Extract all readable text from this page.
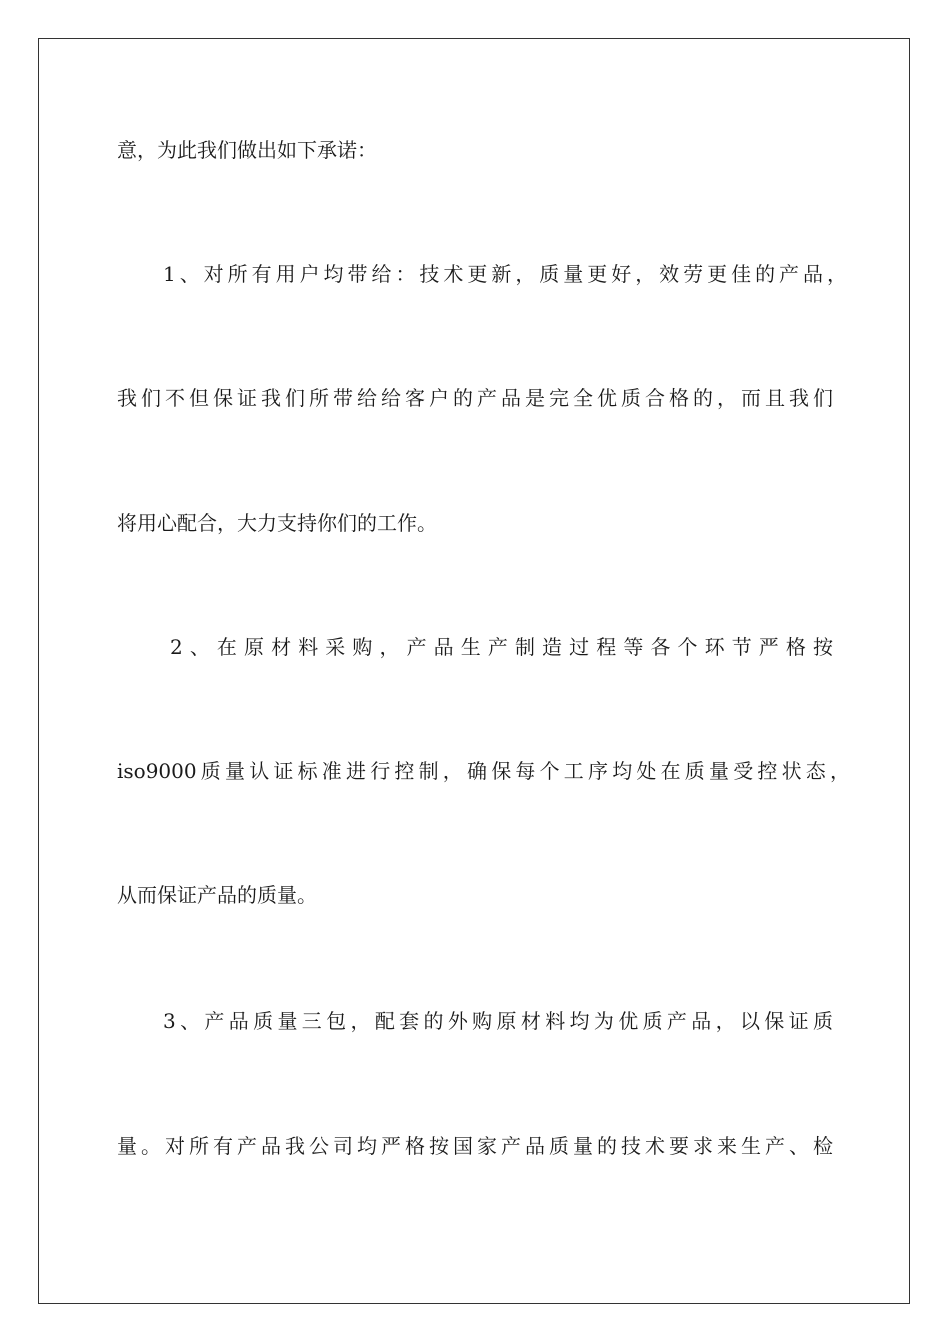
意，为此我们做出如下承诺：

1、对所有用户均带给：技术更新，质量更好，效劳更佳的产品，

我们不但保证我们所带给给客户的产品是完全优质合格的，而且我们

将用心配合，大力支持你们的工作。

2、在原材料采购，产品生产制造过程等各个环节严格按

iso9000质量认证标准进行控制，确保每个工序均处在质量受控状态，

从而保证产品的质量。

3、产品质量三包，配套的外购原材料均为优质产品，以保证质

量。对所有产品我公司均严格按国家产品质量的技术要求来生产、检
